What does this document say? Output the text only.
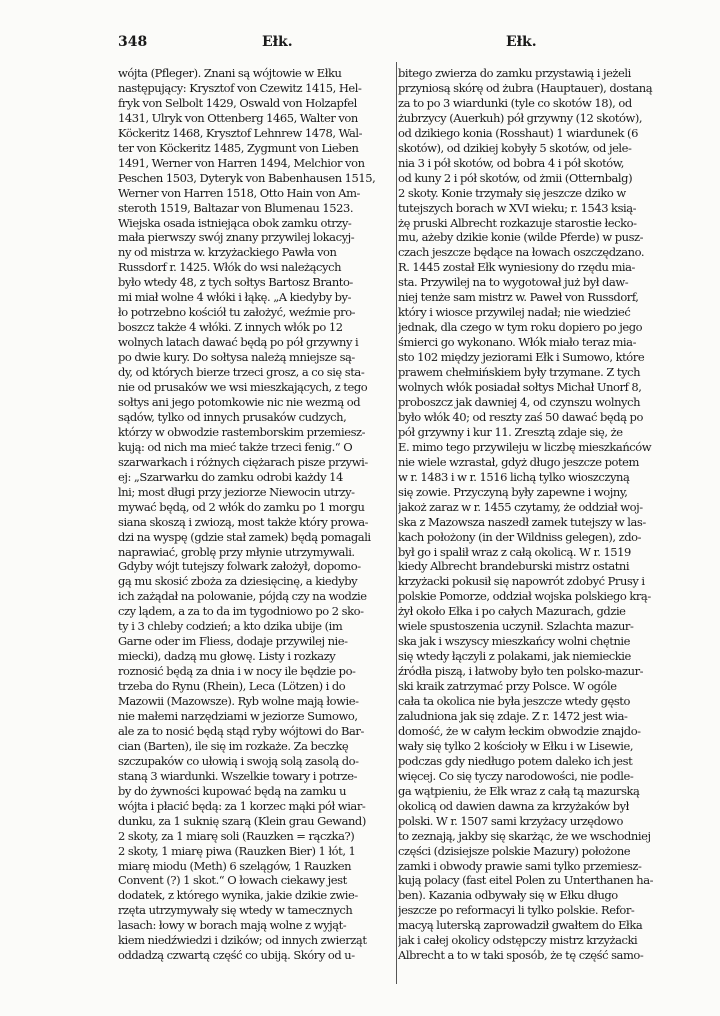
348	Ełk.	Ełk.
wójta (Pfleger). Znani są wójtowie w Ełku
następujący: Krysztof von Czewitz 1415, Hel-
fryk von Selbolt 1429, Oswald von Holzapfel
1431, Ulryk von Ottenberg 1465, Walter von
Köckeritz 1468, Krysztof Lehnrew 1478, Wal-
ter von Köckeritz 1485, Zygmunt von Lieben
1491, Werner von Harren 1494, Melchior von
Peschen 1503, Dyteryk von Babenhausen 1515,
Werner von Harren 1518, Otto Hain von Am-
steroth 1519, Baltazar von Blumenau 1523.
Wiejska osada istniejąca obok zamku otrzy-
mała pierwszy swój znany przywilej lokacyj-
ny od mistrza w. krzyżackiego Pawła von
Russdorf r. 1425. Włók do wsi należących
było wtedy 48, z tych sołtys Bartosz Branto-
mi miał wolne 4 włóki i łąkę. „A kiedyby by-
ło potrzebno kościół tu założyć, weźmie pro-
boszcz także 4 włóki. Z innych włók po 12
wolnych latach dawać będą po pół grzywny i
po dwie kury. Do sołtysa należą mniejsze są-
dy, od których bierze trzeci grosz, a co się sta-
nie od prusaków we wsi mieszkających, z tego
sołtys ani jego potomkowie nic nie wezmą od
sądów, tylko od innych prusaków cudzych,
którzy w obwodzie rastemborskim przemiesz-
kują: od nich ma mieć także trzeci fenig.“ O
szarwarkach i różnych ciężarach pisze przywi-
ej: „Szarwarku do zamku odrobi każdy 14
lni; most długi przy jeziorze Niewocin utrzy-
mywać będą, od 2 włók do zamku po 1 morgu
siana skoszą i zwiozą, most także który prowa-
dzi na wyspę (gdzie stał zamek) będą pomagali
naprawiać, groblę przy młynie utrzymywali.
Gdyby wójt tutejszy folwark założył, dopomo-
gą mu skosić zboża za dziesięcinę, a kiedyby
ich zażądał na polowanie, pójdą czy na wodzie
czy lądem, a za to da im tygodniowo po 2 sko-
ty i 3 chleby codzień; a kto dzika ubije (im
Garne oder im Fliess, dodaje przywilej nie-
miecki), dadzą mu głowę. Listy i rozkazy
roznosić będą za dnia i w nocy ile będzie po-
trzeba do Rynu (Rhein), Leca (Lötzen) i do
Mazowii (Mazowsze). Ryb wolne mają łowie-
nie małemi narzędziami w jeziorze Sumowo,
ale za to nosić będą stąd ryby wójtowi do Bar-
cian (Barten), ile się im rozkaże. Za beczkę
szczupaków co ułowią i swoją solą zasolą do-
staną 3 wiardunki. Wszelkie towary i potrze-
by do żywności kupować będą na zamku u
wójta i płacić będą: za 1 korzec mąki pół wiar-
dunku, za 1 suknię szarą (Klein grau Gewand)
2 skoty, za 1 miarę soli (Rauzken = rączka?)
2 skoty, 1 miarę piwa (Rauzken Bier) 1 łót, 1
miarę miodu (Meth) 6 szelągów, 1 Rauzken
Convent (?) 1 skot.“ O łowach ciekawy jest
dodatek, z którego wynika, jakie dzikie zwie-
rzęta utrzymywały się wtedy w tamecznych
lasach: łowy w borach mają wolne z wyjąt-
kiem niedźwiedzi i dzików; od innych zwierząt
oddadzą czwartą część co ubiją. Skóry od u-
bitego zwierza do zamku przystawią i jeżeli
przyniosą skórę od żubra (Hauptauer), dostaną
za to po 3 wiardunki (tyle co skotów 18), od
żubrzycy (Auerkuh) pół grzywny (12 skotów),
od dzikiego konia (Rosshaut) 1 wiardunek (6
skotów), od dzikiej kobyły 5 skotów, od jele-
nia 3 i pół skotów, od bobra 4 i pół skotów,
od kuny 2 i pół skotów, od żmii (Otternbalg)
2 skoty. Konie trzymały się jeszcze dziko w
tutejszych borach w XVI wieku; r. 1543 ksią-
żę pruski Albrecht rozkazuje starostie łecko-
mu, ażeby dzikie konie (wilde Pferde) w pusz-
czach jeszcze będące na łowach oszczędzano.
R. 1445 został Ełk wyniesiony do rzędu mia-
sta. Przywilej na to wygotował już był daw-
niej tenże sam mistrz w. Paweł von Russdorf,
który i wiosce przywilej nadał; nie wiedzieć
jednak, dla czego w tym roku dopiero po jego
śmierci go wykonano. Włók miało teraz mia-
sto 102 między jeziorami Ełk i Sumowo, które
prawem chełmińskiem były trzymane. Z tych
wolnych włók posiadał sołtys Michał Unorf 8,
proboszcz jak dawniej 4, od czynszu wolnych
było włók 40; od reszty zaś 50 dawać będą po
pół grzywny i kur 11. Zresztą zdaje się, że
E. mimo tego przywileju w liczbę mieszkańców
nie wiele wzrastał, gdyż długo jeszcze potem
w r. 1483 i w r. 1516 lichą tylko wioszczyną
się zowie. Przyczyną były zapewne i wojny,
jakoż zaraz w r. 1455 czytamy, że oddział woj-
ska z Mazowsza naszedł zamek tutejszy w las-
kach położony (in der Wildniss gelegen), zdo-
był go i spalił wraz z całą okolicą. W r. 1519
kiedy Albrecht brandeburski mistrz ostatni
krzyżacki pokusił się napowrót zdobyć Prusy i
polskie Pomorze, oddział wojska polskiego krą-
żył około Ełka i po całych Mazurach, gdzie
wiele spustoszenia uczynił. Szlachta mazur-
ska jak i wszyscy mieszkańcy wolni chętnie
się wtedy łączyli z polakami, jak niemieckie
źródła piszą, i łatwoby było ten polsko-mazur-
ski kraik zatrzymać przy Polsce. W ogóle
cała ta okolica nie była jeszcze wtedy gęsto
zaludniona jak się zdaje. Z r. 1472 jest wia-
domość, że w całym łeckim obwodzie znajdo-
wały się tylko 2 kościoły w Ełku i w Lisewie,
podczas gdy niedługo potem daleko ich jest
więcej. Co się tyczy narodowości, nie podle-
ga wątpieniu, że Ełk wraz z całą tą mazurską
okolicą od dawien dawna za krzyżaków był
polski. W r. 1507 sami krzyżacy urzędowo
to zeznają, jakby się skarżąc, że we wschodniej
części (dzisiejsze polskie Mazury) położone
zamki i obwody prawie sami tylko przemiesz-
kują polacy (fast eitel Polen zu Unterthanen ha-
ben). Kazania odbywały się w Ełku długo
jeszcze po reformacyi li tylko polskie. Refor-
macyą luterską zaprowadził gwałtem do Ełka
jak i całej okolicy odstępczy mistrz krzyżacki
Albrecht a to w taki sposób, że tę część samo-
